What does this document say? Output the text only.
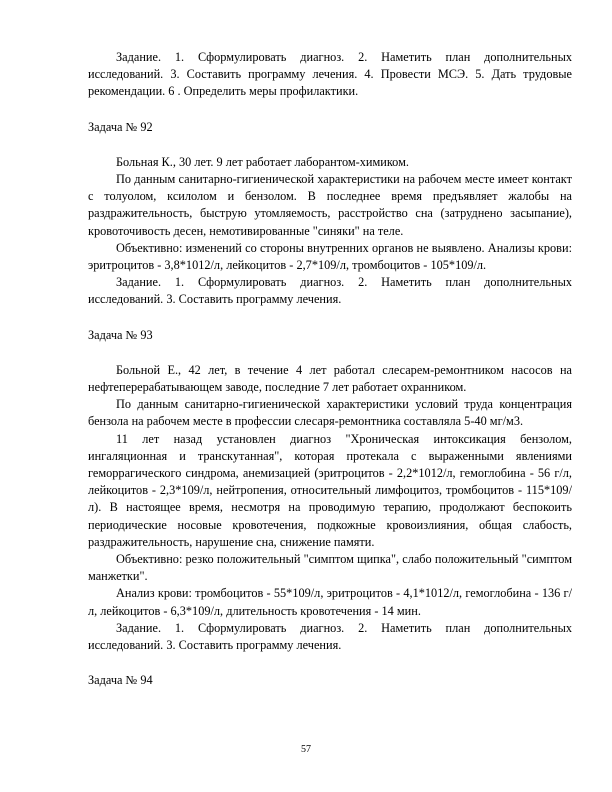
Задание. 1. Сформулировать диагноз. 2. Наметить план дополнительных исследований. 3. Составить программу лечения. 4. Провести МСЭ. 5. Дать трудовые рекомендации. 6 . Определить меры профилактики.

Задача № 92

Больная К., 30 лет. 9 лет работает лаборантом-химиком.

По данным санитарно-гигиенической характеристики на рабочем месте имеет контакт с толуолом, ксилолом и бензолом. В последнее время предъявляет жалобы на раздражительность, быструю утомляемость, расстройство сна (затруднено засыпание), кровоточивость десен, немотивированные "синяки" на теле.

Объективно: изменений со стороны внутренних органов не выявлено. Анализы крови: эритроцитов - 3,8*1012/л, лейкоцитов - 2,7*109/л, тромбоцитов - 105*109/л.

Задание. 1. Сформулировать диагноз. 2. Наметить план дополнительных исследований. 3. Составить программу лечения.

Задача № 93

Больной Е., 42 лет, в течение 4 лет работал слесарем-ремонтником насосов на нефтеперерабатывающем заводе, последние 7 лет работает охранником.

По данным санитарно-гигиенической характеристики условий труда концентрация бензола на рабочем месте в профессии слесаря-ремонтника составляла 5-40 мг/м3.

11 лет назад установлен диагноз "Хроническая интоксикация бензолом, ингаляционная и транскутанная", которая протекала с выраженными явлениями геморрагического синдрома, анемизацией (эритроцитов - 2,2*1012/л, гемоглобина - 56 г/л, лейкоцитов - 2,3*109/л, нейтропения, относительный лимфоцитоз, тромбоцитов - 115*109/л). В настоящее время, несмотря на проводимую терапию, продолжают беспокоить периодические носовые кровотечения, подкожные кровоизлияния, общая слабость, раздражительность, нарушение сна, снижение памяти.

Объективно: резко положительный "симптом щипка", слабо положительный "симптом манжетки".

Анализ крови: тромбоцитов - 55*109/л, эритроцитов - 4,1*1012/л, гемоглобина - 136 г/л, лейкоцитов - 6,3*109/л, длительность кровотечения - 14 мин.

Задание. 1. Сформулировать диагноз. 2. Наметить план дополнительных исследований. 3. Составить программу лечения.

Задача № 94

57
